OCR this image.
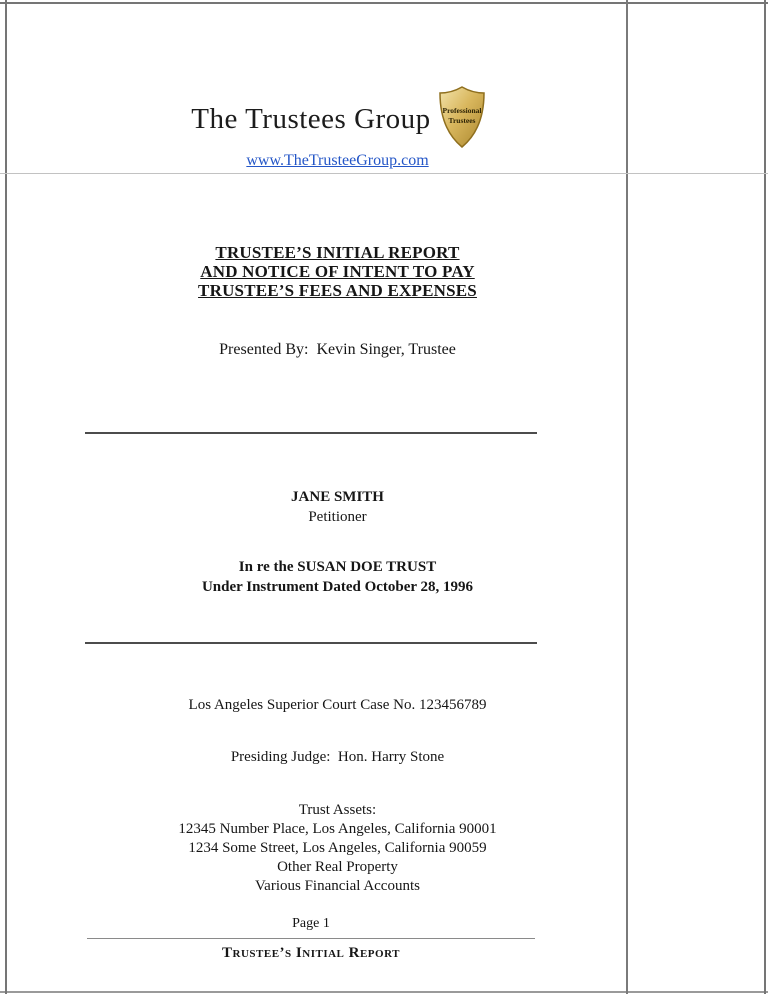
The Trustees Group Professional
Trustees
www.TheTrusteeGroup.com
TRUSTEE’S INITIAL REPORT
AND NOTICE OF INTENT TO PAY
TRUSTEE’S FEES AND EXPENSES
Presented By:  Kevin Singer, Trustee
JANE SMITH
Petitioner
In re the SUSAN DOE TRUST
Under Instrument Dated October 28, 1996
Los Angeles Superior Court Case No. 123456789
Presiding Judge:  Hon. Harry Stone
Trust Assets:
12345 Number Place, Los Angeles, California 90001
1234 Some Street, Los Angeles, California 90059
Other Real Property
Various Financial Accounts
Page 1
Trustee’s Initial Report
